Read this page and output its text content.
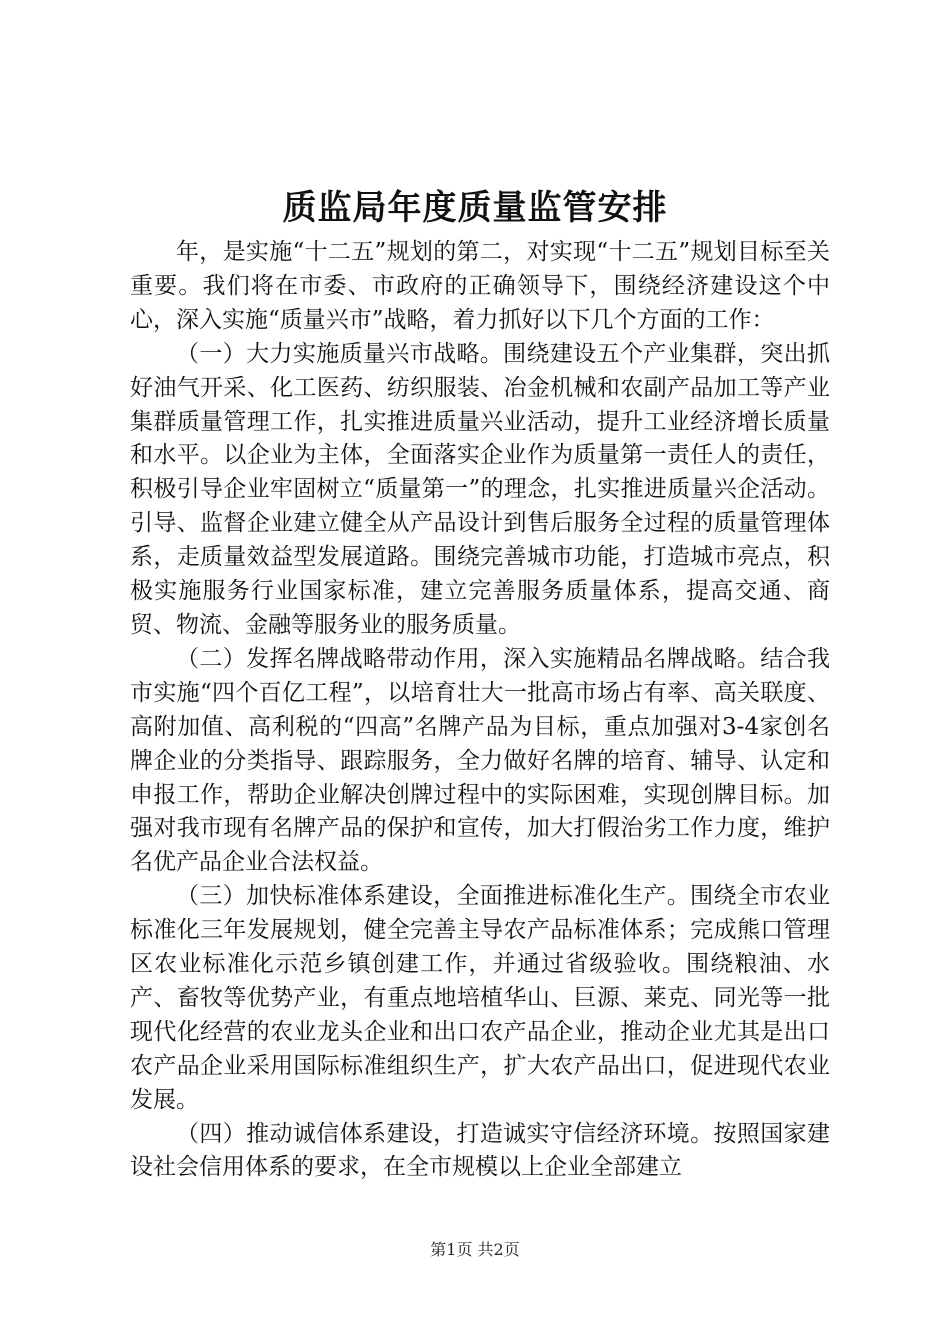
质监局年度质量监管安排

年，是实施“十二五”规划的第二，对实现“十二五”规划目标至关重要。我们将在市委、市政府的正确领导下，围绕经济建设这个中心，深入实施“质量兴市”战略，着力抓好以下几个方面的工作：

（一）大力实施质量兴市战略。围绕建设五个产业集群，突出抓好油气开采、化工医药、纺织服装、冶金机械和农副产品加工等产业集群质量管理工作，扎实推进质量兴业活动，提升工业经济增长质量和水平。以企业为主体，全面落实企业作为质量第一责任人的责任，积极引导企业牢固树立“质量第一”的理念，扎实推进质量兴企活动。引导、监督企业建立健全从产品设计到售后服务全过程的质量管理体系，走质量效益型发展道路。围绕完善城市功能，打造城市亮点，积极实施服务行业国家标准，建立完善服务质量体系，提高交通、商贸、物流、金融等服务业的服务质量。

（二）发挥名牌战略带动作用，深入实施精品名牌战略。结合我市实施“四个百亿工程”，以培育壮大一批高市场占有率、高关联度、高附加值、高利税的“四高”名牌产品为目标，重点加强对3-4家创名牌企业的分类指导、跟踪服务，全力做好名牌的培育、辅导、认定和申报工作，帮助企业解决创牌过程中的实际困难，实现创牌目标。加强对我市现有名牌产品的保护和宣传，加大打假治劣工作力度，维护名优产品企业合法权益。

（三）加快标准体系建设，全面推进标准化生产。围绕全市农业标准化三年发展规划，健全完善主导农产品标准体系；完成熊口管理区农业标准化示范乡镇创建工作，并通过省级验收。围绕粮油、水产、畜牧等优势产业，有重点地培植华山、巨源、莱克、同光等一批现代化经营的农业龙头企业和出口农产品企业，推动企业尤其是出口农产品企业采用国际标准组织生产，扩大农产品出口，促进现代农业发展。

（四）推动诚信体系建设，打造诚实守信经济环境。按照国家建设社会信用体系的要求，在全市规模以上企业全部建立

第1页 共2页
